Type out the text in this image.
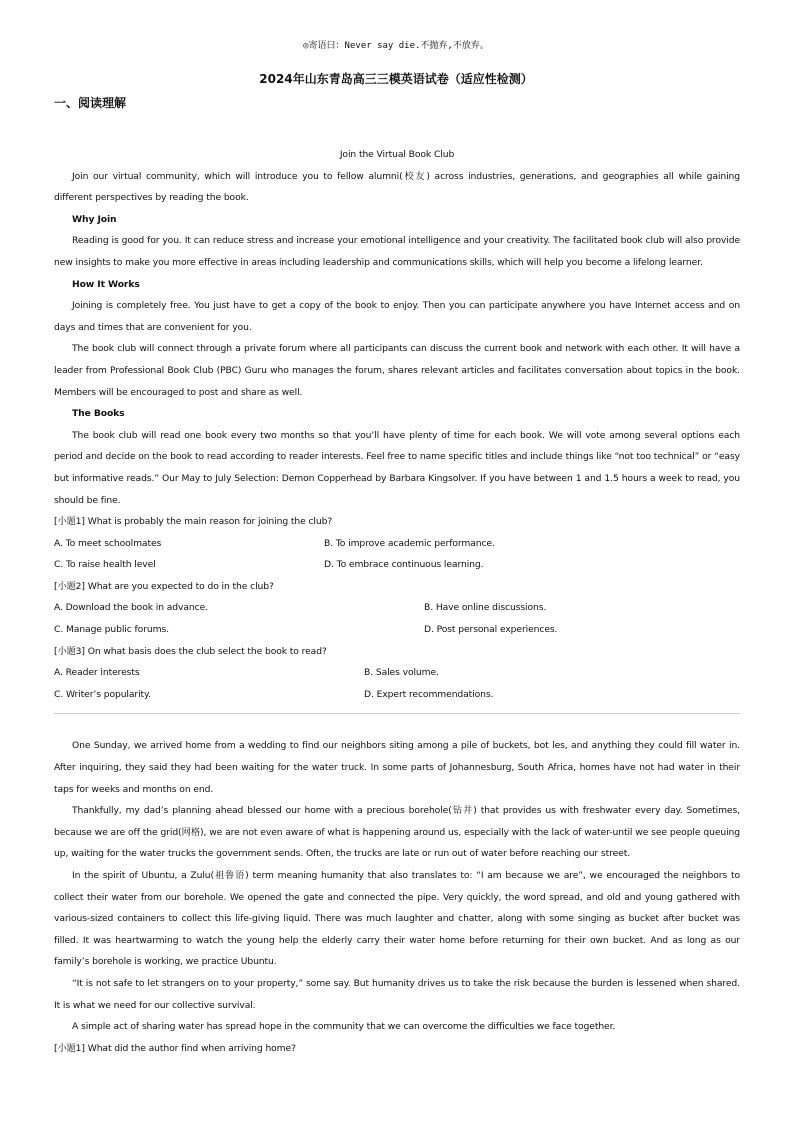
◎寄语曰：Never say die.不抛弃,不放弃。
2024年山东青岛高三三模英语试卷（适应性检测）
一、阅读理解

Join the Virtual Book Club

Join our virtual community, which will introduce you to fellow alumni(校友) across industries, generations, and geographies all while gaining different perspectives by reading the book.

Why Join

Reading is good for you. It can reduce stress and increase your emotional intelligence and your creativity. The facilitated book club will also provide new insights to make you more effective in areas including leadership and communications skills, which will help you become a lifelong learner.

How It Works

Joining is completely free. You just have to get a copy of the book to enjoy. Then you can participate anywhere you have Internet access and on days and times that are convenient for you.

The book club will connect through a private forum where all participants can discuss the current book and network with each other. It will have a leader from Professional Book Club (PBC) Guru who manages the forum, shares relevant articles and facilitates conversation about topics in the book. Members will be encouraged to post and share as well.

The Books

The book club will read one book every two months so that you’ll have plenty of time for each book. We will vote among several options each period and decide on the book to read according to reader interests. Feel free to name specific titles and include things like “not too technical” or “easy but informative reads.” Our May to July Selection: Demon Copperhead by Barbara Kingsolver. If you have between 1 and 1.5 hours a week to read, you should be fine.

[小题1] What is probably the main reason for joining the club?

A. To meet schoolmates	B. To improve academic performance.
C. To raise health level	D. To embrace continuous learning.

[小题2] What are you expected to do in the club?

A. Download the book in advance.	B. Have online discussions.
C. Manage public forums.	D. Post personal experiences.

[小题3] On what basis does the club select the book to read?

A. Reader interests	B. Sales volume.
C. Writer’s popularity.	D. Expert recommendations.

One Sunday, we arrived home from a wedding to find our neighbors siting among a pile of buckets, bot les, and anything they could fill water in. After inquiring, they said they had been waiting for the water truck. In some parts of Johannesburg, South Africa, homes have not had water in their taps for weeks and months on end.

Thankfully, my dad’s planning ahead blessed our home with a precious borehole(钻井) that provides us with freshwater every day. Sometimes, because we are off the grid(网格), we are not even aware of what is happening around us, especially with the lack of water-until we see people queuing up, waiting for the water trucks the government sends. Often, the trucks are late or run out of water before reaching our street.

In the spirit of Ubuntu, a Zulu(祖鲁语) term meaning humanity that also translates to: “I am because we are”, we encouraged the neighbors to collect their water from our borehole. We opened the gate and connected the pipe. Very quickly, the word spread, and old and young gathered with various-sized containers to collect this life-giving liquid. There was much laughter and chatter, along with some singing as bucket after bucket was filled. It was heartwarming to watch the young help the elderly carry their water home before returning for their own bucket. And as long as our family’s borehole is working, we practice Ubuntu.

“It is not safe to let strangers on to your property,” some say. But humanity drives us to take the risk because the burden is lessened when shared. It is what we need for our collective survival.

A simple act of sharing water has spread hope in the community that we can overcome the difficulties we face together.

[小题1] What did the author find when arriving home?
